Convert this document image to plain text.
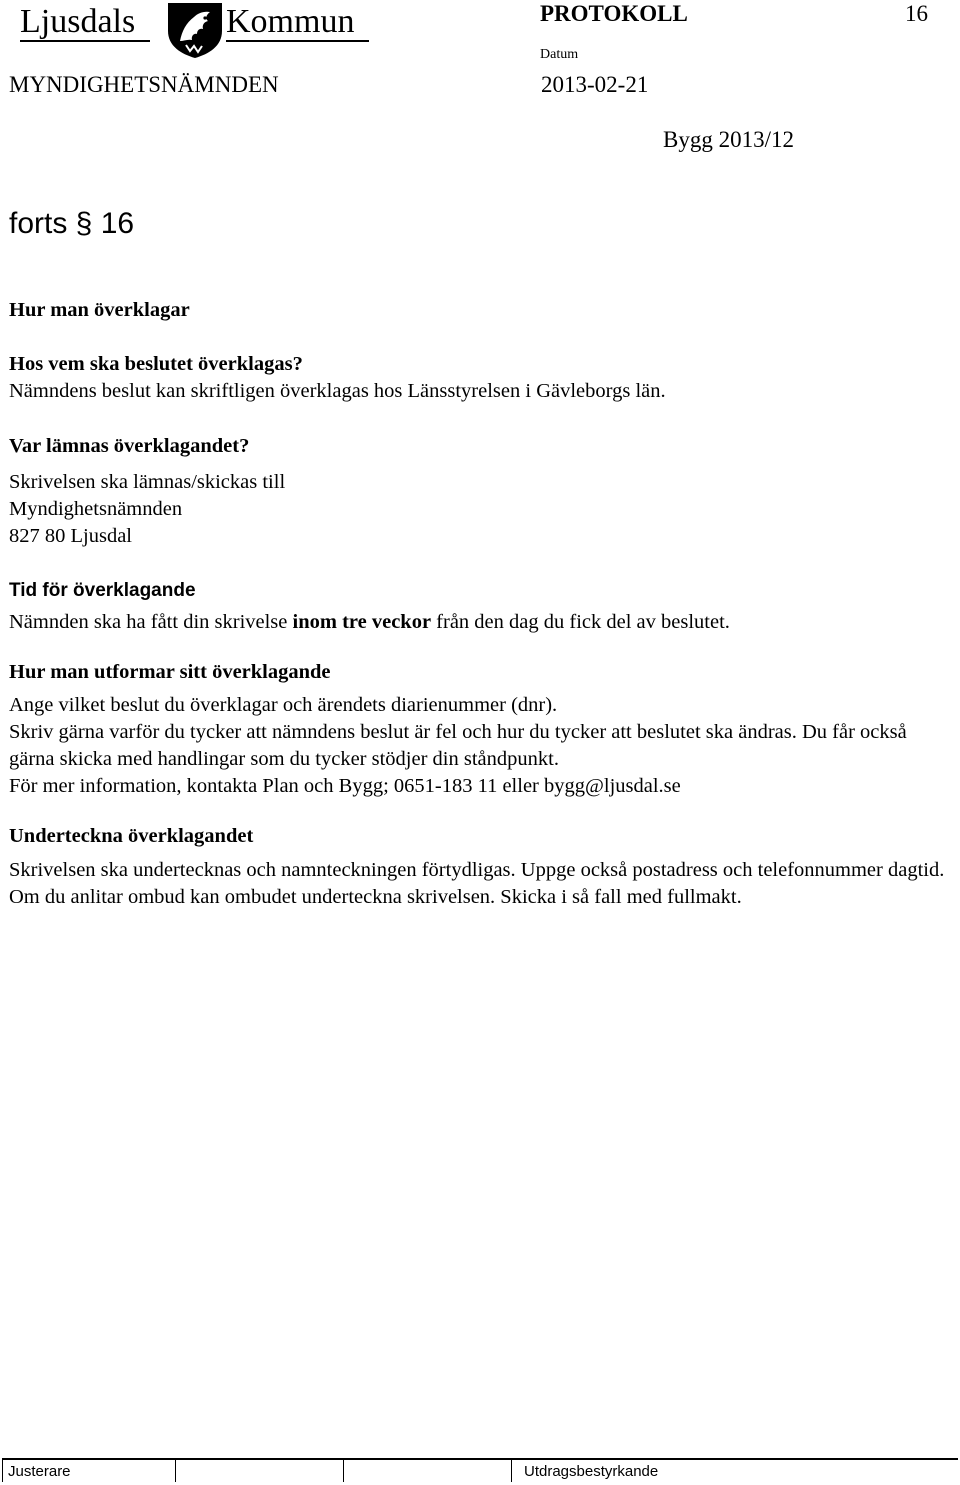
Ljusdals	Kommun	PROTOKOLL	16
MYNDIGHETSNÄMNDEN
Datum
2013-02-21
Bygg 2013/12
forts § 16
Hur man överklagar
Hos vem ska beslutet överklagas?
Nämndens beslut kan skriftligen överklagas hos Länsstyrelsen i Gävleborgs län.
Var lämnas överklagandet?
Skrivelsen ska lämnas/skickas till
Myndighetsnämnden
827 80 Ljusdal
Tid för överklagande
Nämnden ska ha fått din skrivelse inom tre veckor från den dag du fick del av beslutet.
Hur man utformar sitt överklagande
Ange vilket beslut du överklagar och ärendets diarienummer (dnr).
Skriv gärna varför du tycker att nämndens beslut är fel och hur du tycker att beslutet ska ändras. Du får också gärna skicka med handlingar som du tycker stödjer din ståndpunkt.
För mer information, kontakta Plan och Bygg; 0651-183 11 eller bygg@ljusdal.se
Underteckna överklagandet
Skrivelsen ska undertecknas och namnteckningen förtydligas. Uppge också postadress och telefonnummer dagtid. Om du anlitar ombud kan ombudet underteckna skrivelsen. Skicka i så fall med fullmakt.
Justerare	Utdragsbestyrkande
